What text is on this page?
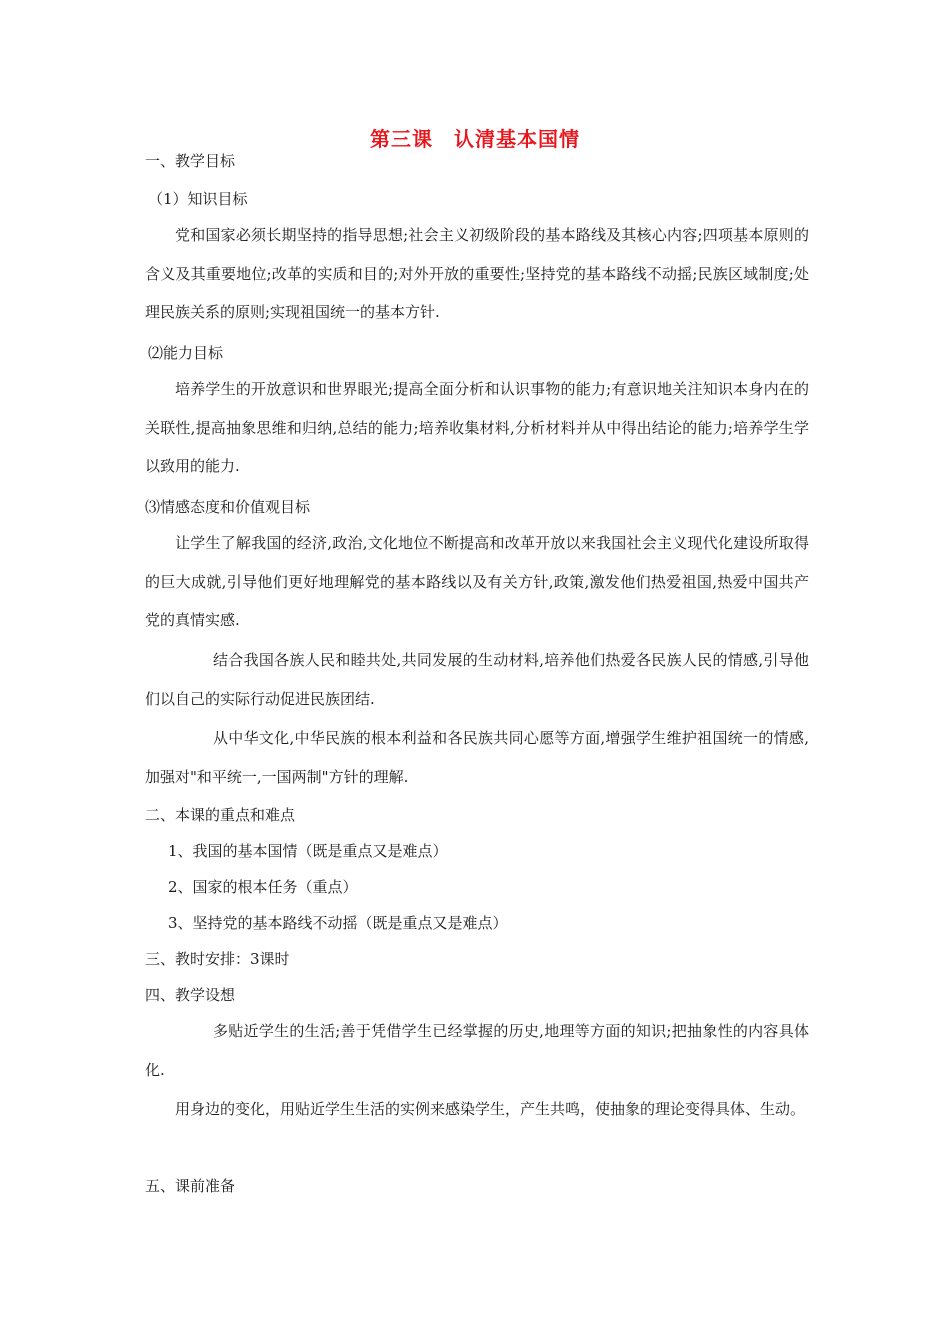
第三课　认清基本国情
一、教学目标
（1）知识目标
党和国家必须长期坚持的指导思想;社会主义初级阶段的基本路线及其核心内容;四项基本原则的含义及其重要地位;改革的实质和目的;对外开放的重要性;坚持党的基本路线不动摇;民族区域制度;处理民族关系的原则;实现祖国统一的基本方针.
⑵能力目标
培养学生的开放意识和世界眼光;提高全面分析和认识事物的能力;有意识地关注知识本身内在的关联性,提高抽象思维和归纳,总结的能力;培养收集材料,分析材料并从中得出结论的能力;培养学生学以致用的能力.
⑶情感态度和价值观目标
让学生了解我国的经济,政治,文化地位不断提高和改革开放以来我国社会主义现代化建设所取得的巨大成就,引导他们更好地理解党的基本路线以及有关方针,政策,激发他们热爱祖国,热爱中国共产党的真情实感.
结合我国各族人民和睦共处,共同发展的生动材料,培养他们热爱各民族人民的情感,引导他们以自己的实际行动促进民族团结.
从中华文化,中华民族的根本利益和各民族共同心愿等方面,增强学生维护祖国统一的情感,加强对"和平统一,一国两制"方针的理解.
二、本课的重点和难点
1、我国的基本国情（既是重点又是难点）
2、国家的根本任务（重点）
3、坚持党的基本路线不动摇（既是重点又是难点）
三、教时安排：3课时
四、教学设想
多贴近学生的生活;善于凭借学生已经掌握的历史,地理等方面的知识;把抽象性的内容具体化.
用身边的变化，用贴近学生生活的实例来感染学生，产生共鸣，使抽象的理论变得具体、生动。
五、课前准备
